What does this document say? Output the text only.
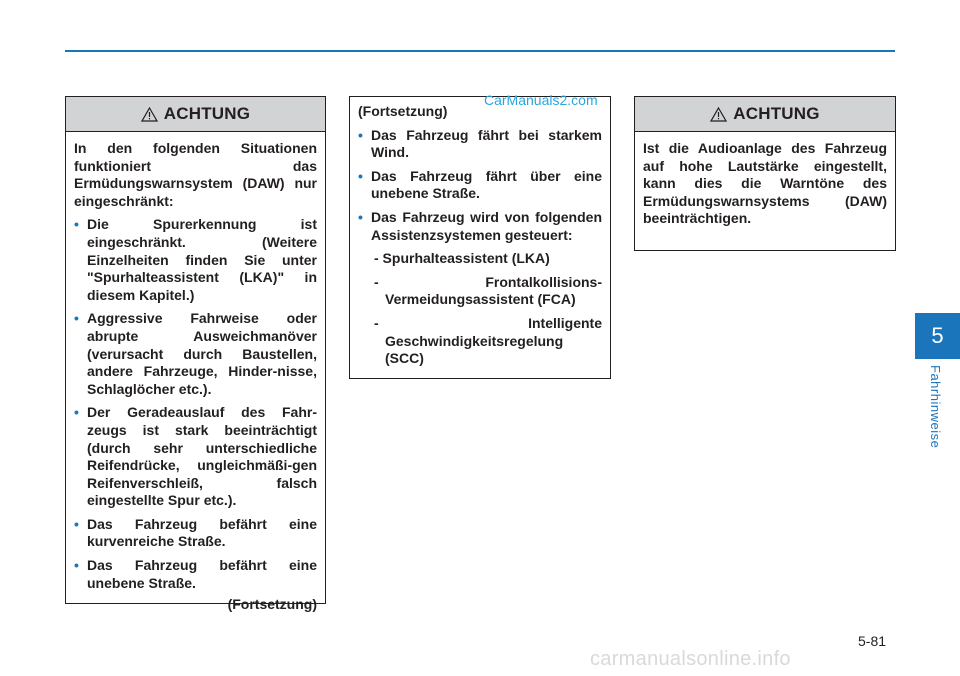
ACHTUNG
In den folgenden Situationen funktioniert das Ermüdungswarnsystem (DAW) nur eingeschränkt:
• Die Spurerkennung ist eingeschränkt. (Weitere Einzelheiten finden Sie unter "Spurhalteassistent (LKA)" in diesem Kapitel.)
• Aggressive Fahrweise oder abrupte Ausweichmanöver (verursacht durch Baustellen, andere Fahrzeuge, Hinder-nisse, Schlaglöcher etc.).
• Der Geradeauslauf des Fahr-zeugs ist stark beeinträchtigt (durch sehr unterschiedliche Reifendrücke, ungleichmäßi-gen Reifenverschleiß, falsch eingestellte Spur etc.).
• Das Fahrzeug befährt eine kurvenreiche Straße.
• Das Fahrzeug befährt eine unebene Straße.
(Fortsetzung)
(Fortsetzung)
• Das Fahrzeug fährt bei starkem Wind.
• Das Fahrzeug fährt über eine unebene Straße.
• Das Fahrzeug wird von folgenden Assistenzsystemen gesteuert:
- Spurhalteassistent (LKA)
- Frontalkollisions-Vermeidungsassistent (FCA)
- Intelligente Geschwindigkeitsregelung (SCC)
ACHTUNG
Ist die Audioanlage des Fahrzeug auf hohe Lautstärke eingestellt, kann dies die Warntöne des Ermüdungswarnsystems (DAW) beeinträchtigen.
CarManuals2.com
5
Fahrhinweise
5-81
carmanualsonline.info
